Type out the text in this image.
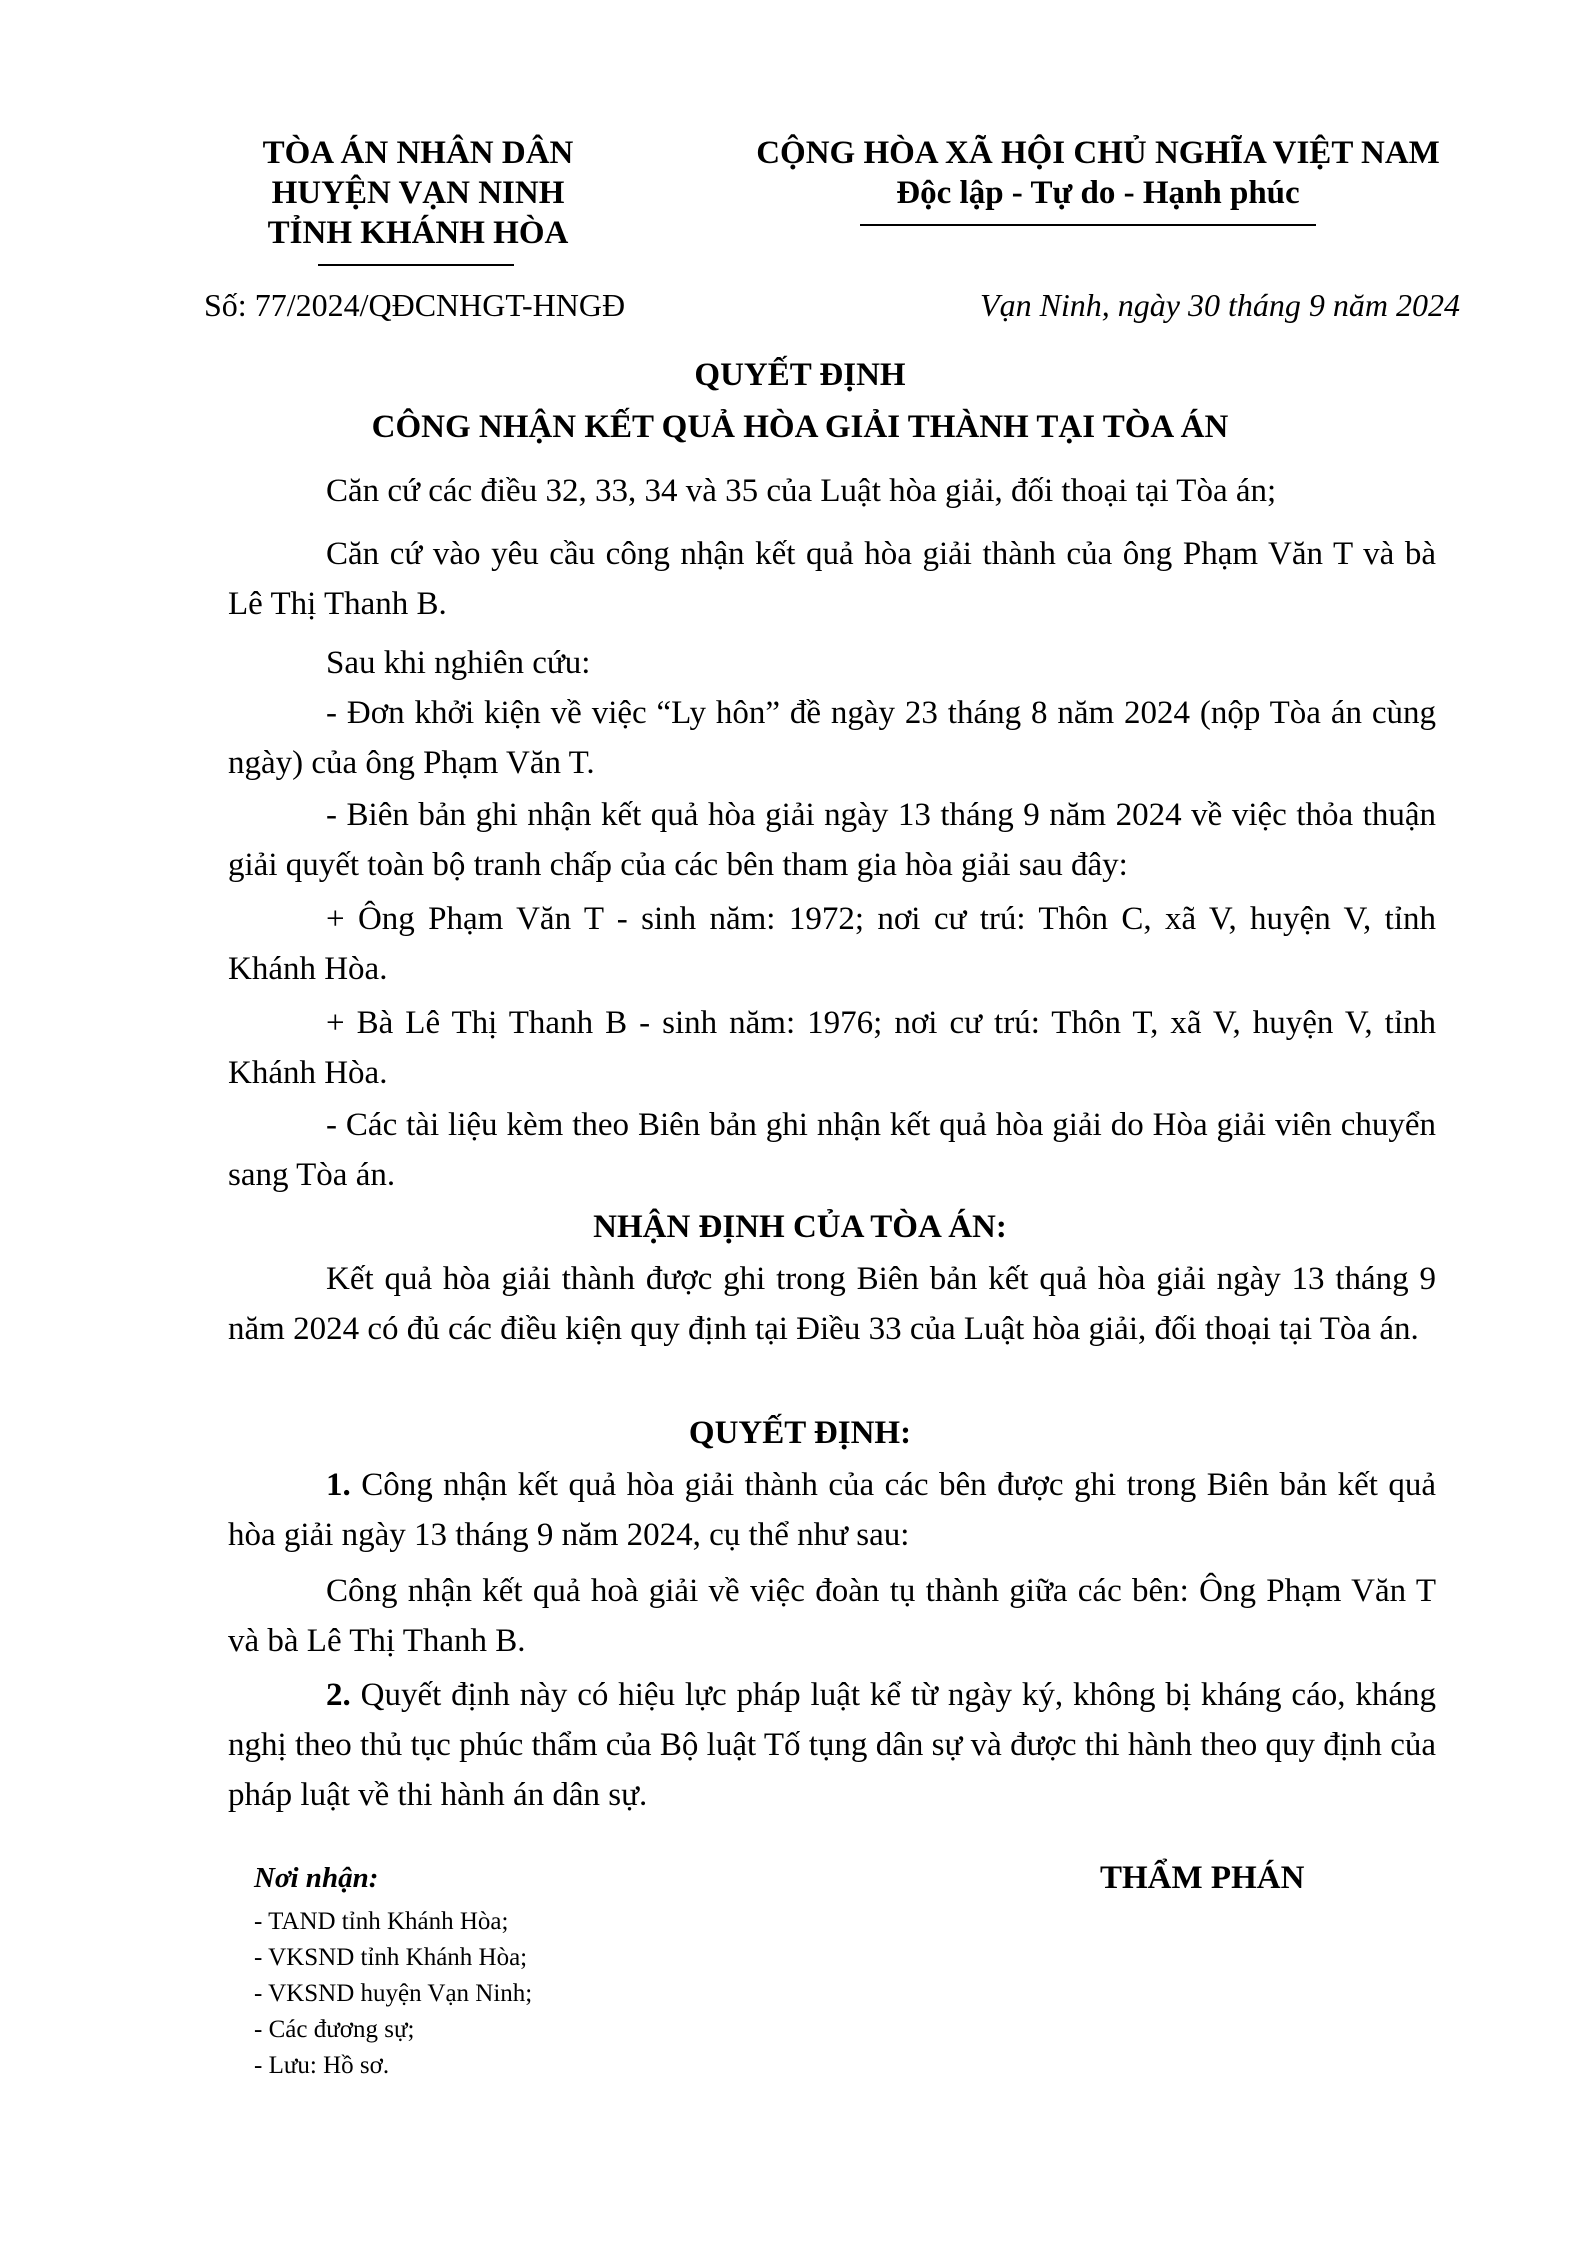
TÒA ÁN NHÂN DÂN
HUYỆN VẠN NINH
TỈNH KHÁNH HÒA
CỘNG HÒA XÃ HỘI CHỦ NGHĨA VIỆT NAM
Độc lập - Tự do - Hạnh phúc
Số: 77/2024/QĐCNHGT-HNGĐ	Vạn Ninh, ngày 30 tháng 9 năm 2024
QUYẾT ĐỊNH
CÔNG NHẬN KẾT QUẢ HÒA GIẢI THÀNH TẠI TÒA ÁN
Căn cứ các điều 32, 33, 34 và 35 của Luật hòa giải, đối thoại tại Tòa án;
Căn cứ vào yêu cầu công nhận kết quả hòa giải thành của ông Phạm Văn T và bà Lê Thị Thanh B.
Sau khi nghiên cứu:
- Đơn khởi kiện về việc “Ly hôn” đề ngày 23 tháng 8 năm 2024 (nộp Tòa án cùng ngày) của ông Phạm Văn T.
- Biên bản ghi nhận kết quả hòa giải ngày 13 tháng 9 năm 2024 về việc thỏa thuận giải quyết toàn bộ tranh chấp của các bên tham gia hòa giải sau đây:
+ Ông Phạm Văn T - sinh năm: 1972; nơi cư trú: Thôn C, xã V, huyện V, tỉnh Khánh Hòa.
+ Bà Lê Thị Thanh B - sinh năm: 1976; nơi cư trú: Thôn T, xã V, huyện V, tỉnh Khánh Hòa.
- Các tài liệu kèm theo Biên bản ghi nhận kết quả hòa giải do Hòa giải viên chuyển sang Tòa án.
NHẬN ĐỊNH CỦA TÒA ÁN:
Kết quả hòa giải thành được ghi trong Biên bản kết quả hòa giải ngày 13 tháng 9 năm 2024 có đủ các điều kiện quy định tại Điều 33 của Luật hòa giải, đối thoại tại Tòa án.
QUYẾT ĐỊNH:
1. Công nhận kết quả hòa giải thành của các bên được ghi trong Biên bản kết quả hòa giải ngày 13 tháng 9 năm 2024, cụ thể như sau:
Công nhận kết quả hoà giải về việc đoàn tụ thành giữa các bên: Ông Phạm Văn T và bà Lê Thị Thanh B.
2. Quyết định này có hiệu lực pháp luật kể từ ngày ký, không bị kháng cáo, kháng nghị theo thủ tục phúc thẩm của Bộ luật Tố tụng dân sự và được thi hành theo quy định của pháp luật về thi hành án dân sự.
Nơi nhận:
- TAND tỉnh Khánh Hòa;
- VKSND tỉnh Khánh Hòa;
- VKSND huyện Vạn Ninh;
- Các đương sự;
- Lưu: Hồ sơ.
THẨM PHÁN
